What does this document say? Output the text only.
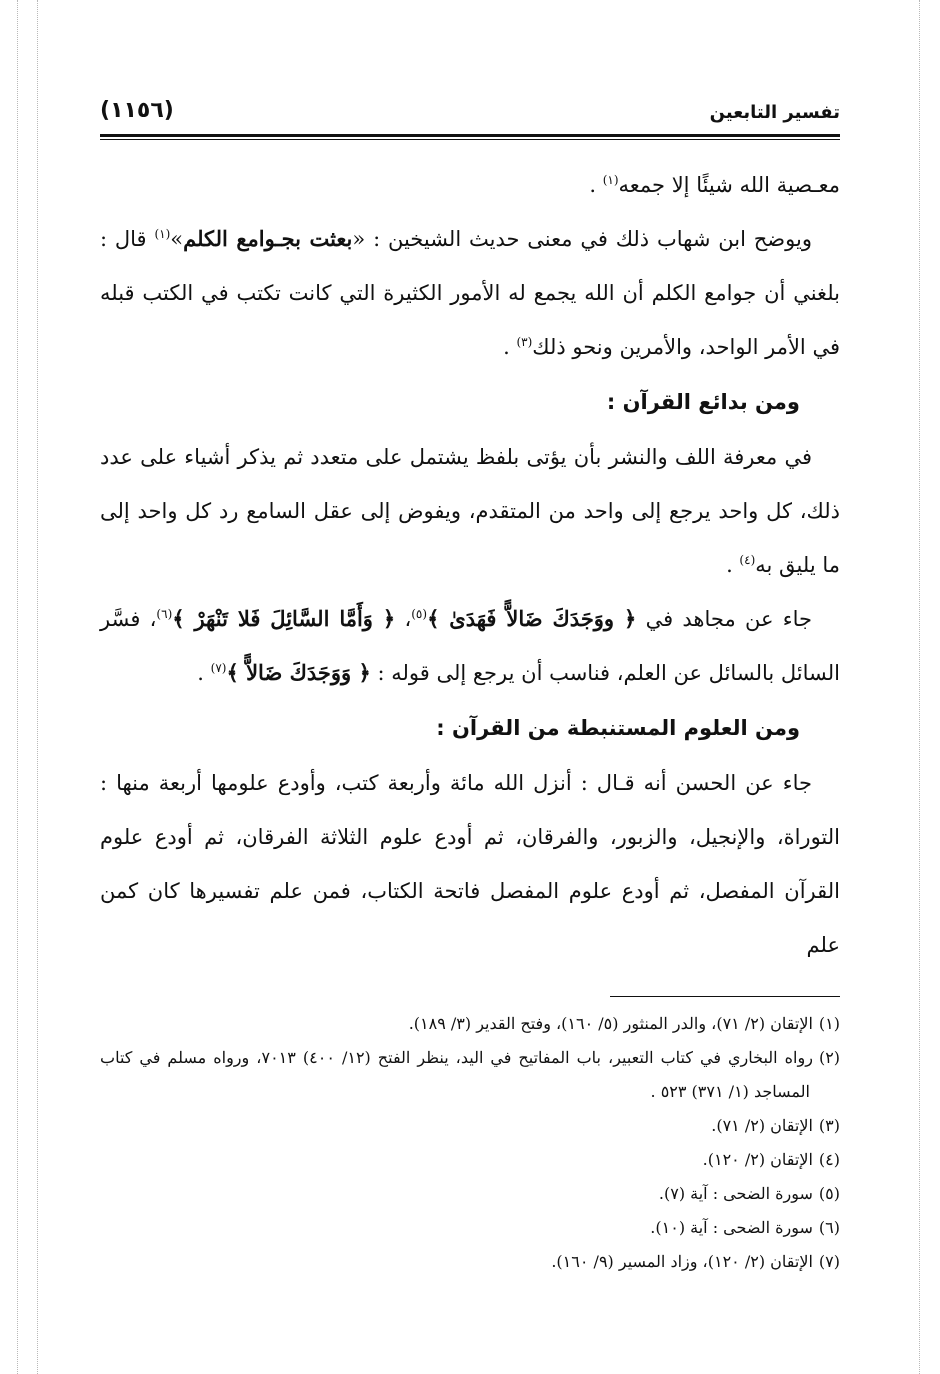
تفسير التابعين
(١١٥٦)

معـصية الله شيئًا إلا جمعه$^{(١)}$ .

ويوضح ابن شهاب ذلك في معنى حديث الشيخين : «بعثت بجـوامع الكلم»$^{(١)}$ قال : بلغني أن جوامع الكلم أن الله يجمع له الأمور الكثيرة التي كانت تكتب في الكتب قبله في الأمر الواحد، والأمرين ونحو ذلك$^{(٣)}$ .

ومن بدائع القرآن :

في معرفة اللف والنشر بأن يؤتى بلفظ يشتمل على متعدد ثم يذكر أشياء على عدد ذلك، كل واحد يرجع إلى واحد من المتقدم، ويفوض إلى عقل السامع رد كل واحد إلى ما يليق به$^{(٤)}$ .

جاء عن مجاهد في ﴿ ووَجَدَكَ ضَالاًّ فَهَدَىٰ ﴾$^{(٥)}$، ﴿ وَأَمَّا السَّائِلَ فَلا تَنْهَرْ ﴾$^{(٦)}$، فسَّر السائل بالسائل عن العلم، فناسب أن يرجع إلى قوله : ﴿ وَوَجَدَكَ ضَالاًّ ﴾$^{(٧)}$ .

ومن العلوم المستنبطة من القرآن :

جاء عن الحسن أنه قـال : أنزل الله مائة وأربعة كتب، وأودع علومها أربعة منها : التوراة، والإنجيل، والزبور، والفرقان، ثم أودع علوم الثلاثة الفرقان، ثم أودع علوم القرآن المفصل، ثم أودع علوم المفصل فاتحة الكتاب، فمن علم تفسيرها كان كمن علم

(١)الإتقان (٢/ ٧١)، والدر المنثور (٥/ ١٦٠)، وفتح القدير (٣/ ١٨٩).

(٢)رواه البخاري في كتاب التعبير، باب المفاتيح في اليد، ينظر الفتح (١٢/ ٤٠٠) ٧٠١٣، ورواه مسلم في كتاب المساجد (١/ ٣٧١) ٥٢٣ .

(٣)الإتقان (٢/ ٧١).

(٤)الإتقان (٢/ ١٢٠).

(٥)سورة الضحى : آية (٧).

(٦)سورة الضحى : آية (١٠).

(٧)الإتقان (٢/ ١٢٠)، وزاد المسير (٩/ ١٦٠).
